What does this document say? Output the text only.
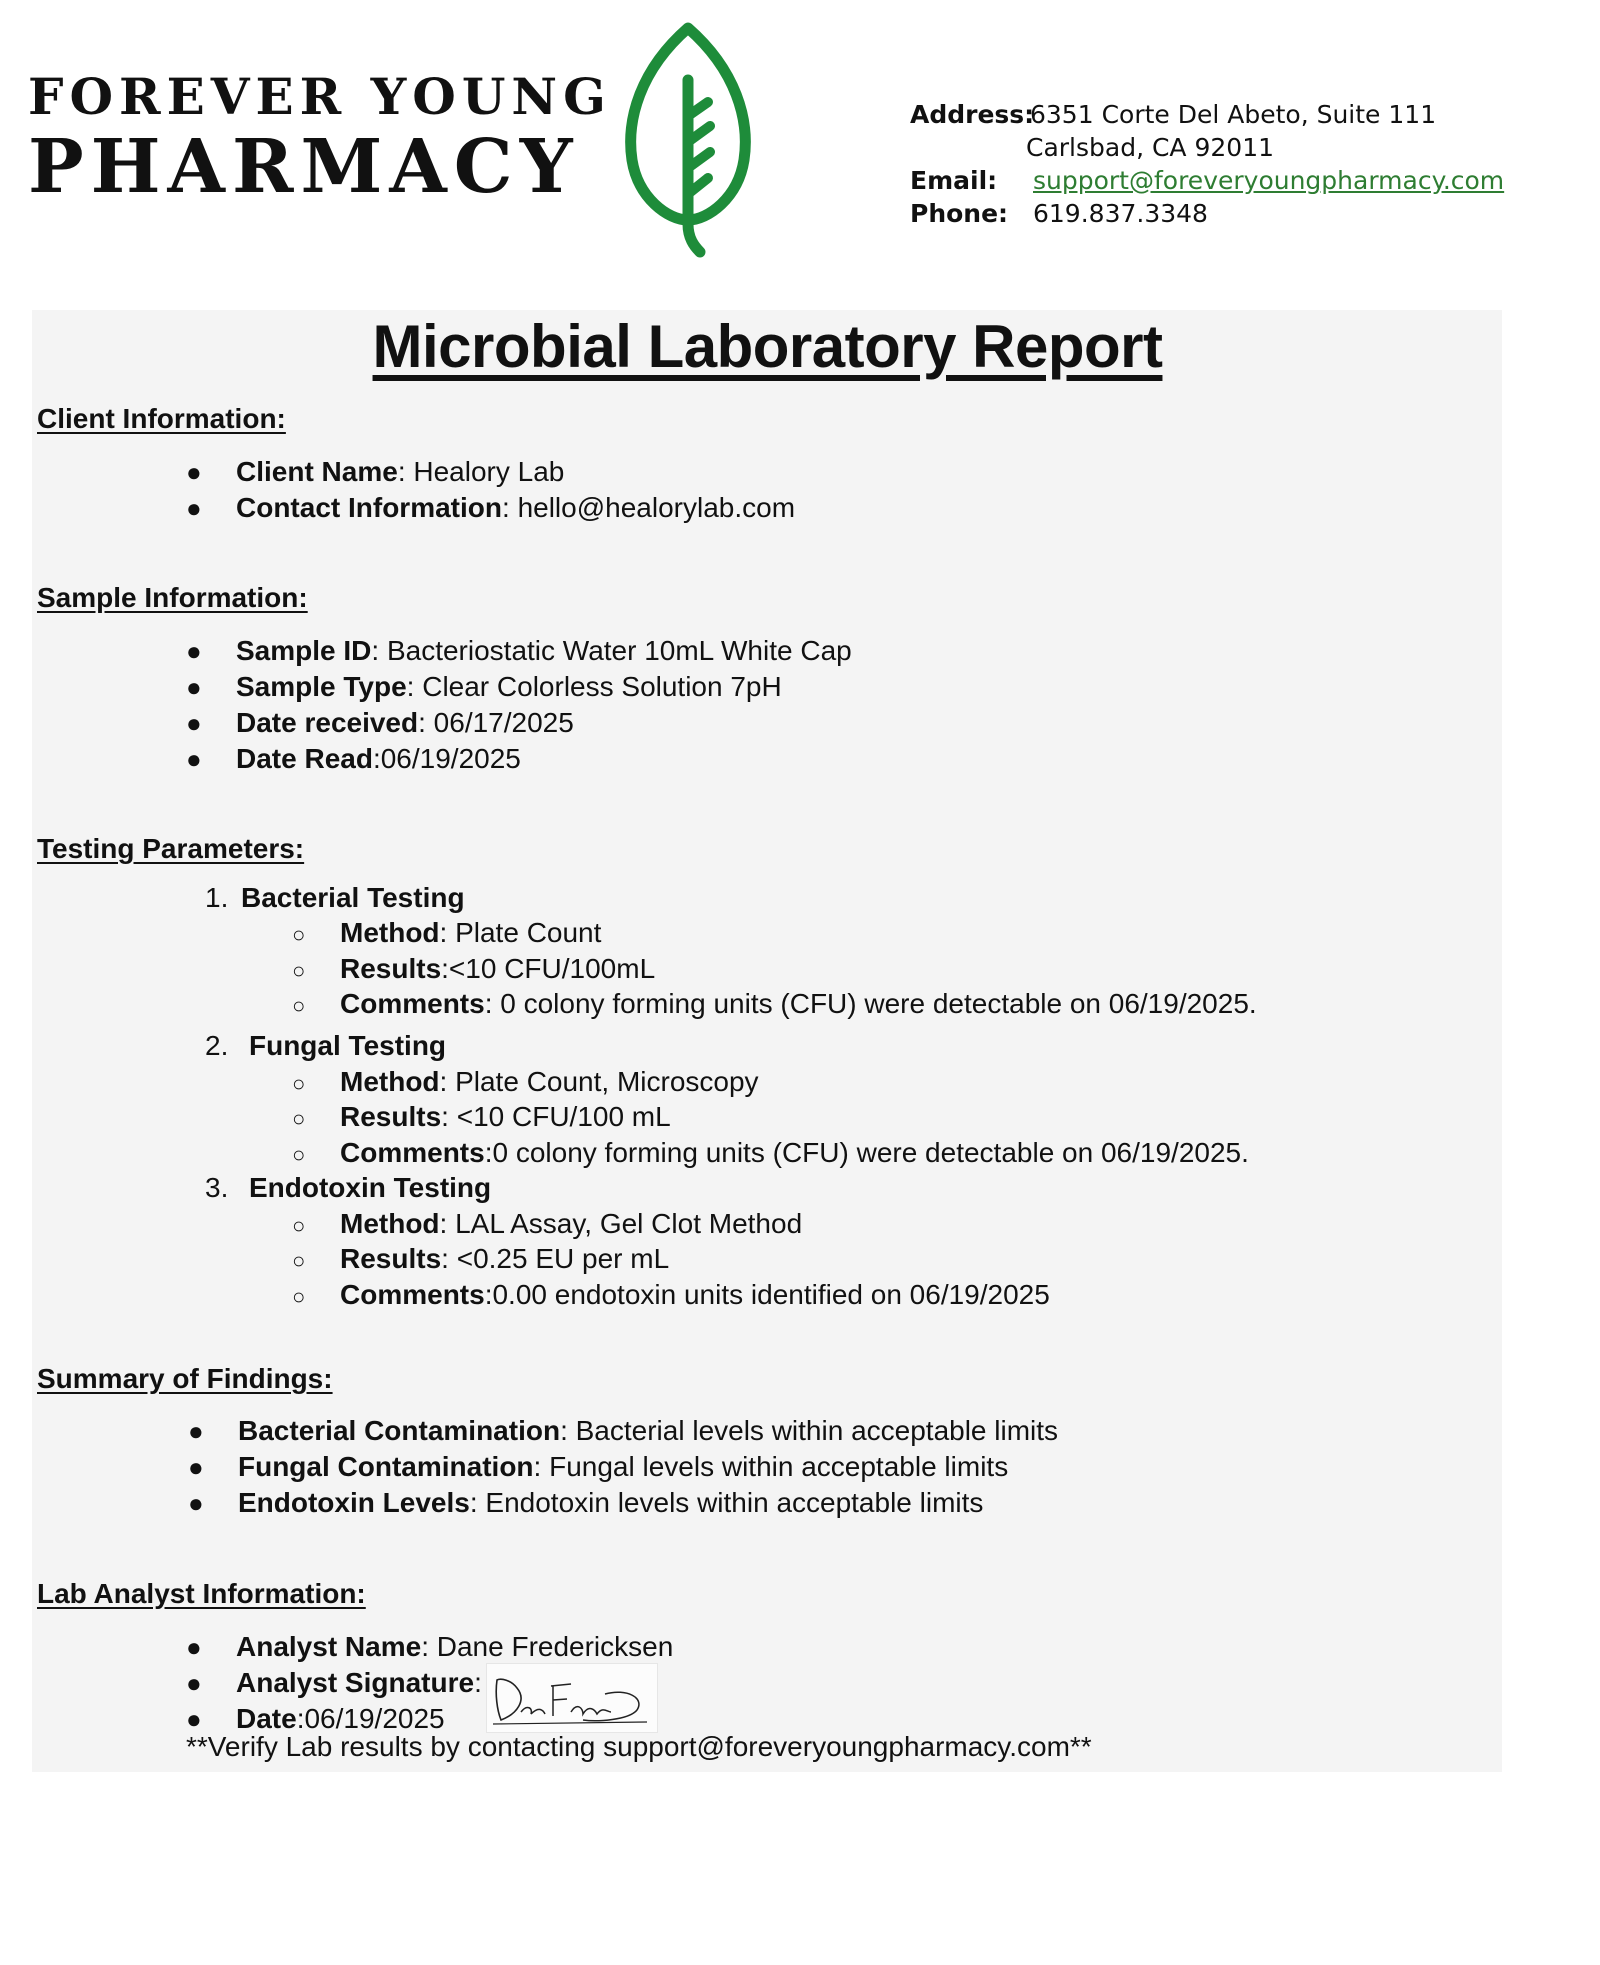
FOREVER YOUNG
PHARMACY
Address:
6351 Corte Del Abeto, Suite 111
Carlsbad, CA 92011
Email:	support@foreveryoungpharmacy.com
Phone: 619.837.3348
Microbial Laboratory Report
Client Information:
●	Client Name: Healory Lab
●	Contact Information: hello@healorylab.com
Sample Information:
●	Sample ID: Bacteriostatic Water 10mL White Cap
●	Sample Type: Clear Colorless Solution 7pH
●	Date received: 06/17/2025
●	Date Read:06/19/2025
Testing Parameters:
1. Bacterial Testing
○ Method: Plate Count
○ Results:<10 CFU/100mL
○ Comments: 0 colony forming units (CFU) were detectable on 06/19/2025.
2. Fungal Testing
○ Method: Plate Count, Microscopy
○ Results: <10 CFU/100 mL
○ Comments:0 colony forming units (CFU) were detectable on 06/19/2025.
3. Endotoxin Testing
○ Method: LAL Assay, Gel Clot Method
○ Results: <0.25 EU per mL
○ Comments:0.00 endotoxin units identified on 06/19/2025
Summary of Findings:
●	Bacterial Contamination: Bacterial levels within acceptable limits
●	Fungal Contamination: Fungal levels within acceptable limits
●	Endotoxin Levels: Endotoxin levels within acceptable limits
Lab Analyst Information:
●	Analyst Name: Dane Fredericksen
●	Analyst Signature:
●	Date:06/19/2025
**Verify Lab results by contacting support@foreveryoungpharmacy.com**
